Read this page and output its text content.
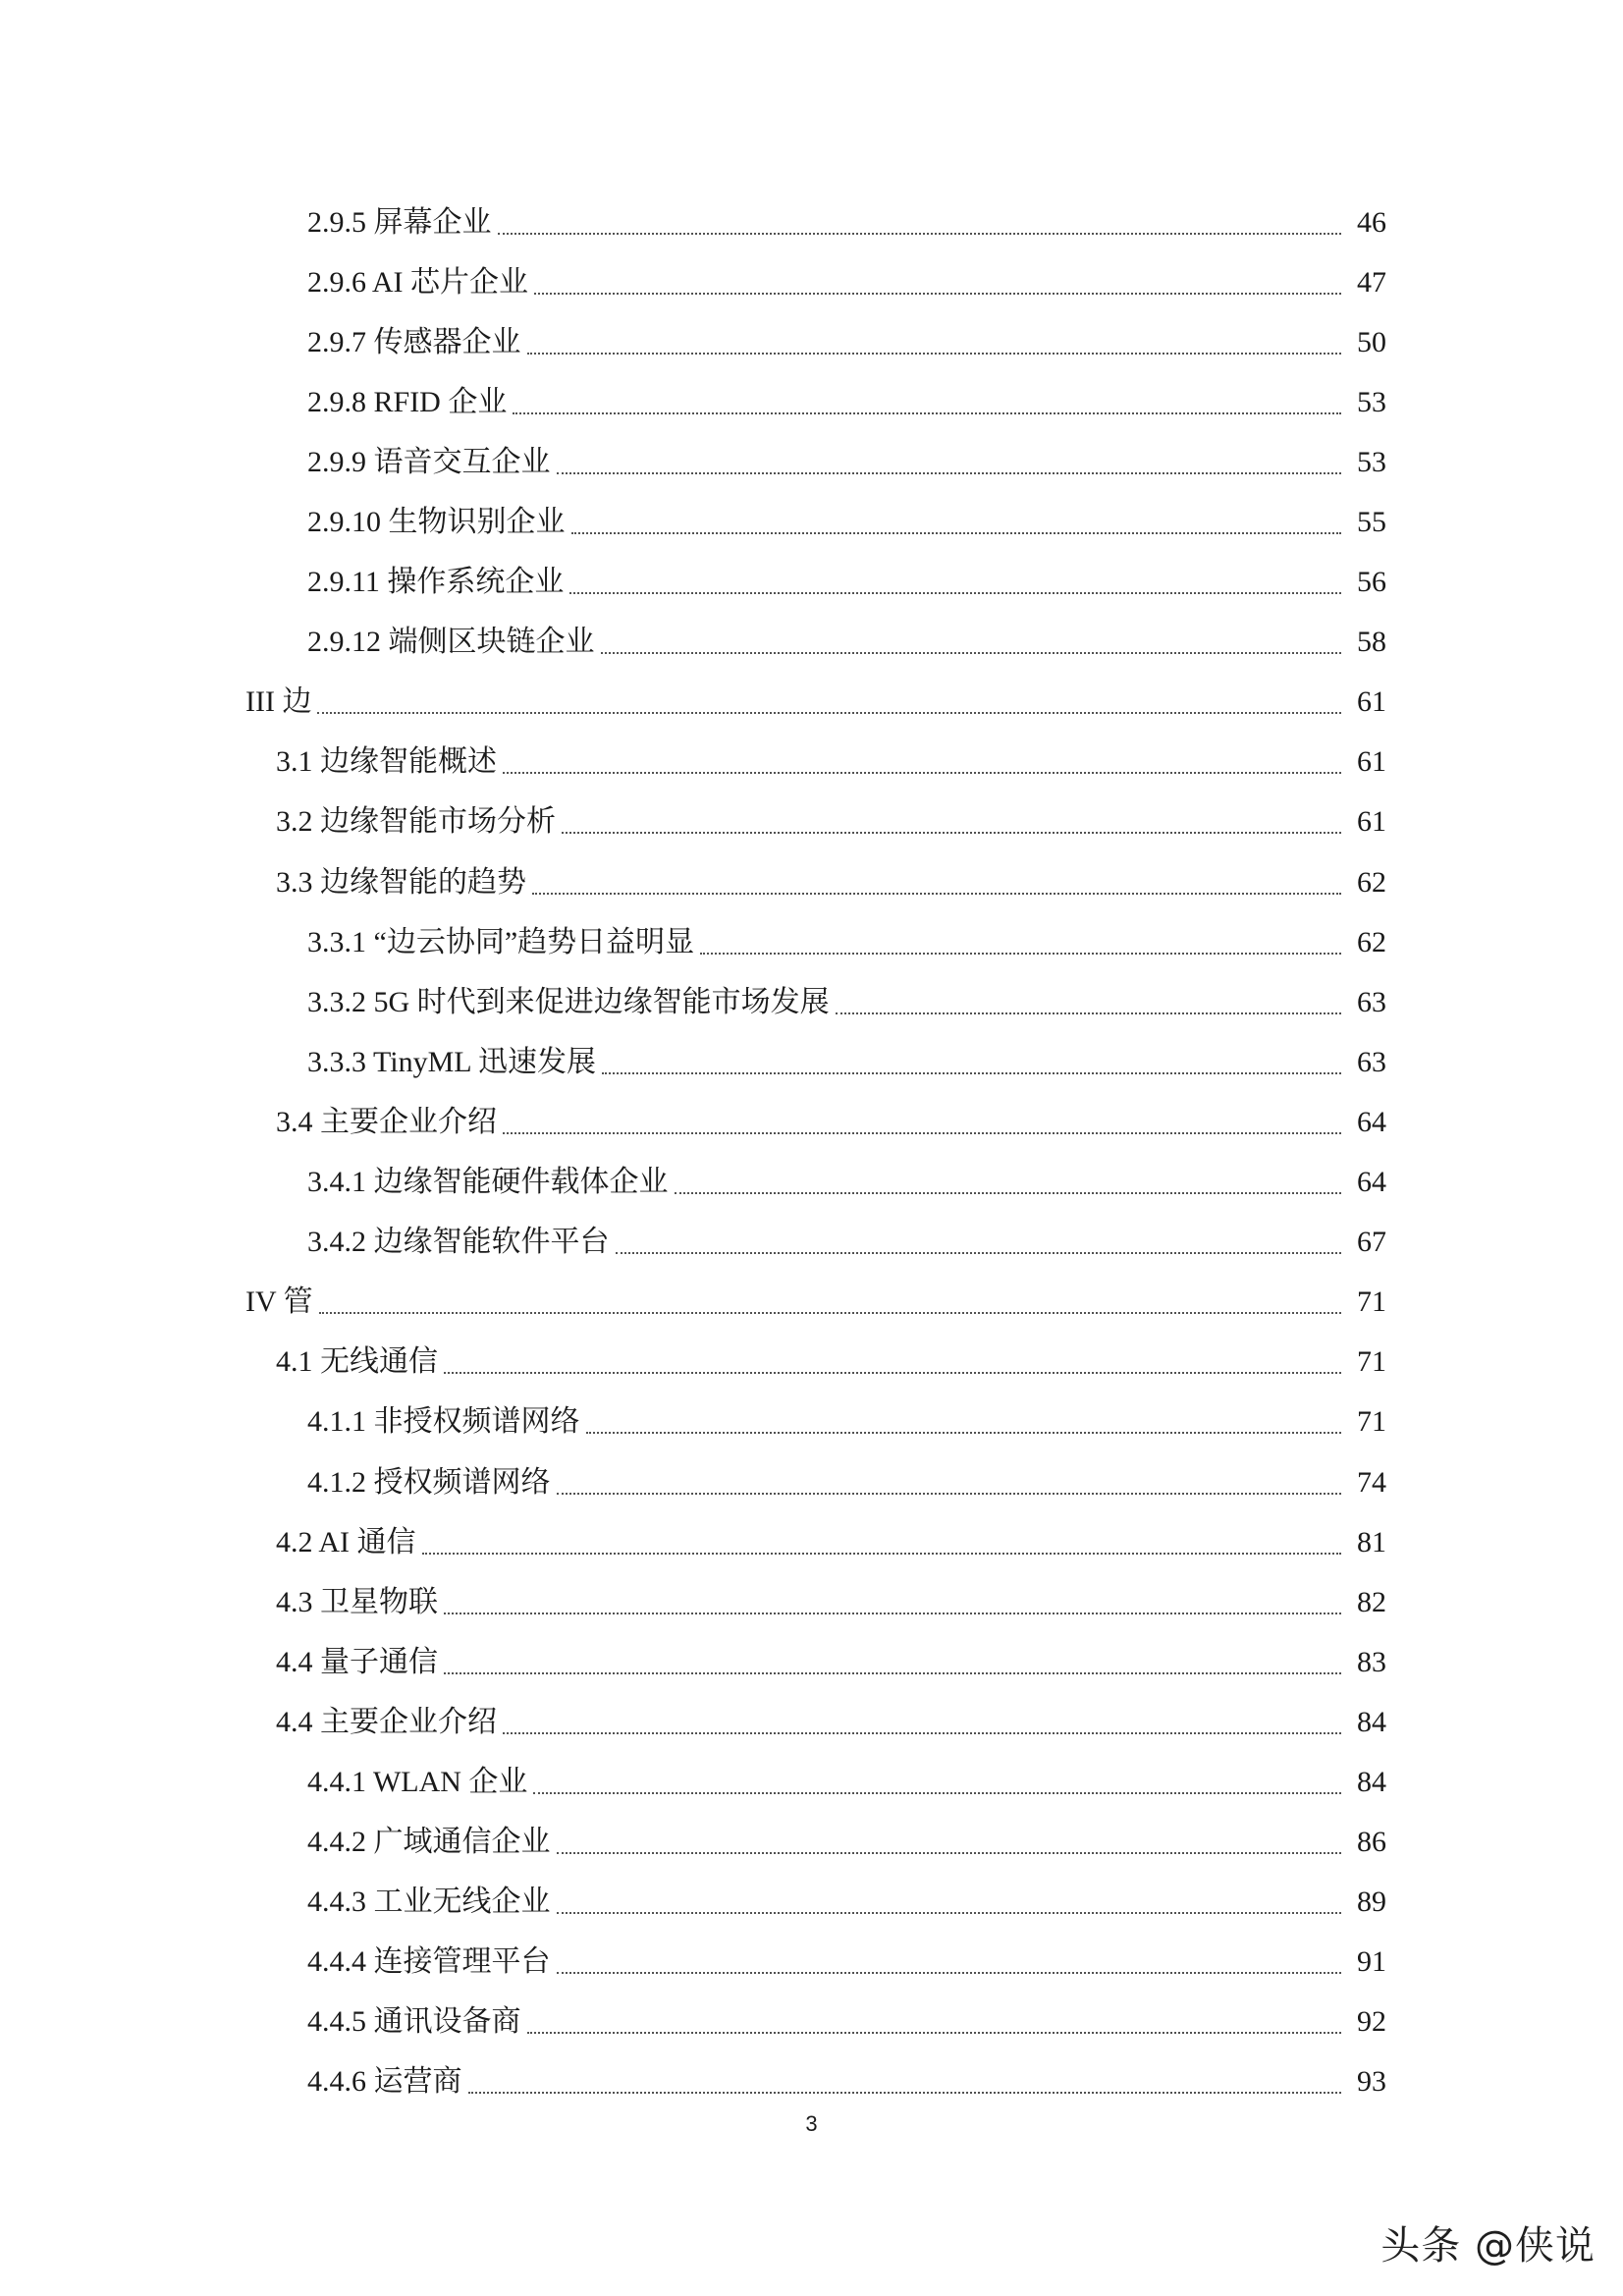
2.9.5 屏幕企业	46
2.9.6 AI 芯片企业	47
2.9.7 传感器企业	50
2.9.8 RFID 企业	53
2.9.9 语音交互企业	53
2.9.10 生物识别企业	55
2.9.11 操作系统企业	56
2.9.12 端侧区块链企业	58
III 边	61
3.1 边缘智能概述	61
3.2 边缘智能市场分析	61
3.3 边缘智能的趋势	62
3.3.1 “边云协同”趋势日益明显	62
3.3.2 5G 时代到来促进边缘智能市场发展	63
3.3.3 TinyML 迅速发展	63
3.4 主要企业介绍	64
3.4.1 边缘智能硬件载体企业	64
3.4.2 边缘智能软件平台	67
IV 管	71
4.1 无线通信	71
4.1.1 非授权频谱网络	71
4.1.2 授权频谱网络	74
4.2 AI 通信	81
4.3 卫星物联	82
4.4 量子通信	83
4.4 主要企业介绍	84
4.4.1 WLAN 企业	84
4.4.2 广域通信企业	86
4.4.3 工业无线企业	89
4.4.4 连接管理平台	91
4.4.5 通讯设备商	92
4.4.6 运营商	93
3
头条 @侠说
